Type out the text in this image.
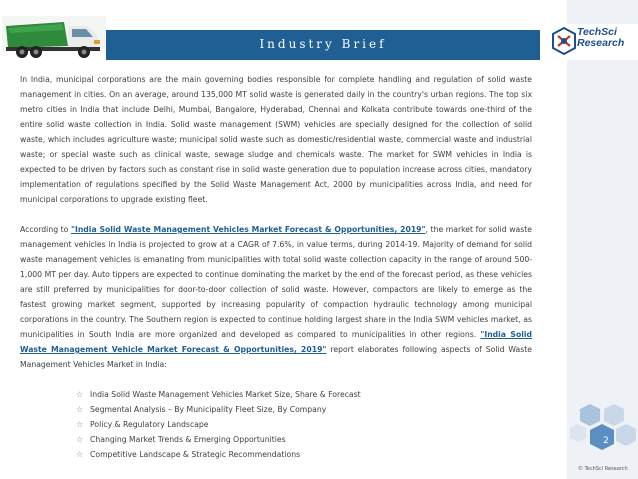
Industry Brief
TechSci
Research

In India, municipal corporations are the main governing bodies responsible for complete handling and regulation of solid waste management in cities. On an average, around 135,000 MT solid waste is generated daily in the country's urban regions. The top six metro cities in India that include Delhi, Mumbai, Bangalore, Hyderabad, Chennai and Kolkata contribute towards one-third of the entire solid waste collection in India. Solid waste management (SWM) vehicles are specially designed for the collection of solid waste, which includes agriculture waste; municipal solid waste such as domestic/residential waste, commercial waste and industrial waste; or special waste such as clinical waste, sewage sludge and chemicals waste. The market for SWM vehicles in India is expected to be driven by factors such as constant rise in solid waste generation due to population increase across cities, mandatory implementation of regulations specified by the Solid Waste Management Act, 2000 by municipalities across India, and need for municipal corporations to upgrade existing fleet.

According to "India Solid Waste Management Vehicles Market Forecast & Opportunities, 2019", the market for solid waste management vehicles in India is projected to grow at a CAGR of 7.6%, in value terms, during 2014-19. Majority of demand for solid waste management vehicles is emanating from municipalities with total solid waste collection capacity in the range of around 500-1,000 MT per day. Auto tippers are expected to continue dominating the market by the end of the forecast period, as these vehicles are still preferred by municipalities for door-to-door collection of solid waste. However, compactors are likely to emerge as the fastest growing market segment, supported by increasing popularity of compaction hydraulic technology among municipal corporations in the country. The Southern region is expected to continue holding largest share in the India SWM vehicles market, as municipalities in South India are more organized and developed as compared to municipalities in other regions. "India Solid Waste Management Vehicle Market Forecast & Opportunities, 2019" report elaborates following aspects of Solid Waste Management Vehicles Market in India:

☆ India Solid Waste Management Vehicles Market Size, Share & Forecast
☆ Segmental Analysis – By Municipality Fleet Size, By Company
☆ Policy & Regulatory Landscape
☆ Changing Market Trends & Emerging Opportunities
☆ Competitive Landscape & Strategic Recommendations
2
© TechSci Research
